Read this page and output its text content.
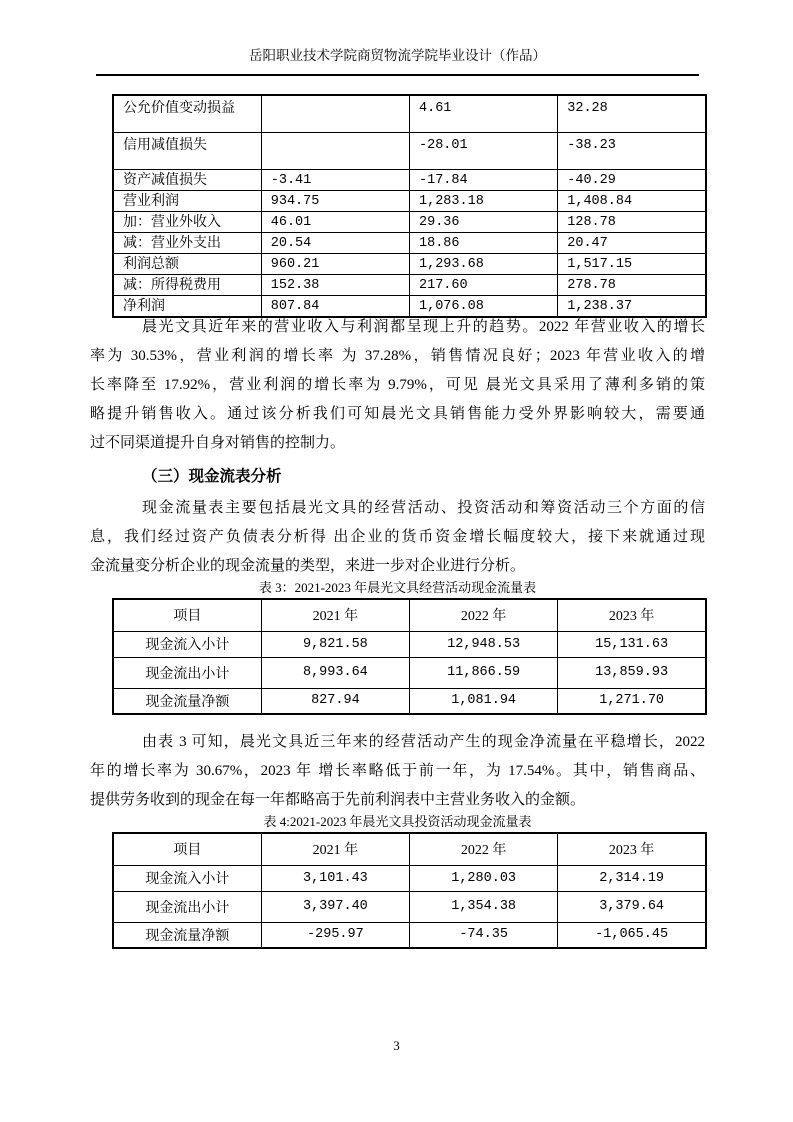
岳阳职业技术学院商贸物流学院毕业设计（作品）
公允价值变动损益		4.61	32.28
信用减值损失		-28.01	-38.23
资产减值损失	-3.41	-17.84	-40.29
营业利润	934.75	1,283.18	1,408.84
加：营业外收入	46.01	29.36	128.78
减：营业外支出	20.54	18.86	20.47
利润总额	960.21	1,293.68	1,517.15
减：所得税费用	152.38	217.60	278.78
净利润	807.84	1,076.08	1,238.37
晨光文具近年来的营业收入与利润都呈现上升的趋势。2022 年营业收入的增长
率为 30.53%，营业利润的增长率 为 37.28%，销售情况良好；2023 年营业收入的增
长率降至 17.92%，营业利润的增长率为 9.79%，可见 晨光文具采用了薄利多销的策
略提升销售收入。通过该分析我们可知晨光文具销售能力受外界影响较大，需要通
过不同渠道提升自身对销售的控制力。
（三）现金流表分析
现金流量表主要包括晨光文具的经营活动、投资活动和筹资活动三个方面的信
息，我们经过资产负债表分析得 出企业的货币资金增长幅度较大，接下来就通过现
金流量变分析企业的现金流量的类型，来进一步对企业进行分析。
表 3：2021-2023 年晨光文具经营活动现金流量表
项目	2021 年	2022 年	2023 年
现金流入小计	9,821.58	12,948.53	15,131.63
现金流出小计	8,993.64	11,866.59	13,859.93
现金流量净额	827.94	1,081.94	1,271.70
由表 3 可知，晨光文具近三年来的经营活动产生的现金净流量在平稳增长，2022
年的增长率为 30.67%，2023 年 增长率略低于前一年，为 17.54%。其中，销售商品、
提供劳务收到的现金在每一年都略高于先前利润表中主营业务收入的金额。
表 4:2021-2023 年晨光文具投资活动现金流量表
项目	2021 年	2022 年	2023 年
现金流入小计	3,101.43	1,280.03	2,314.19
现金流出小计	3,397.40	1,354.38	3,379.64
现金流量净额	-295.97	-74.35	-1,065.45
3
